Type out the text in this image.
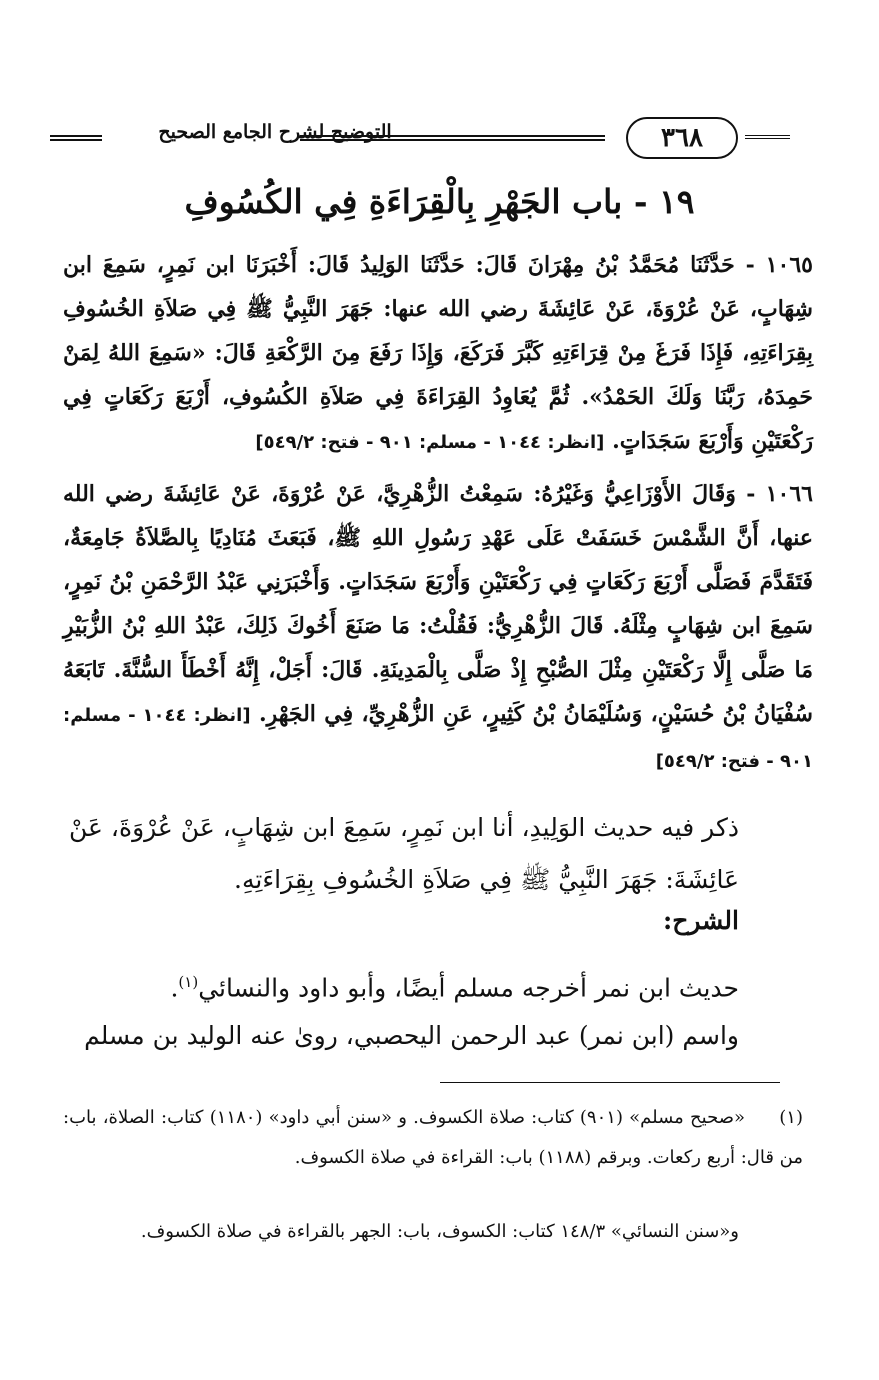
٣٦٨
التوضيح لشرح الجامع الصحيح
١٩ - باب الجَهْرِ بِالْقِرَاءَةِ فِي الكُسُوفِ
١٠٦٥ - حَدَّثَنَا مُحَمَّدُ بْنُ مِهْرَانَ قَالَ: حَدَّثَنَا الوَلِيدُ قَالَ: أَخْبَرَنَا ابن نَمِرٍ، سَمِعَ ابن شِهَابٍ، عَنْ عُرْوَةَ، عَنْ عَائِشَةَ رضي الله عنها: جَهَرَ النَّبِيُّ ﷺ فِي صَلاَةِ الخُسُوفِ بِقِرَاءَتِهِ، فَإِذَا فَرَغَ مِنْ قِرَاءَتِهِ كَبَّرَ فَرَكَعَ، وَإِذَا رَفَعَ مِنَ الرَّكْعَةِ قَالَ: «سَمِعَ اللهُ لِمَنْ حَمِدَهُ، رَبَّنَا وَلَكَ الحَمْدُ». ثُمَّ يُعَاوِدُ القِرَاءَةَ فِي صَلاَةِ الكُسُوفِ، أَرْبَعَ رَكَعَاتٍ فِي رَكْعَتَيْنِ وَأَرْبَعَ سَجَدَاتٍ. [انظر: ١٠٤٤ - مسلم: ٩٠١ - فتح: ٥٤٩/٢]
١٠٦٦ - وَقَالَ الأَوْزَاعِيُّ وَغَيْرُهُ: سَمِعْتُ الزُّهْرِيَّ، عَنْ عُرْوَةَ، عَنْ عَائِشَةَ رضي الله عنها، أَنَّ الشَّمْسَ خَسَفَتْ عَلَى عَهْدِ رَسُولِ اللهِ ﷺ، فَبَعَثَ مُنَادِيًا بِالصَّلاَةُ جَامِعَةٌ، فَتَقَدَّمَ فَصَلَّى أَرْبَعَ رَكَعَاتٍ فِي رَكْعَتَيْنِ وَأَرْبَعَ سَجَدَاتٍ. وَأَخْبَرَنِي عَبْدُ الرَّحْمَنِ بْنُ نَمِرٍ، سَمِعَ ابن شِهَابٍ مِثْلَهُ. قَالَ الزُّهْرِيُّ: فَقُلْتُ: مَا صَنَعَ أَخُوكَ ذَلِكَ، عَبْدُ اللهِ بْنُ الزُّبَيْرِ مَا صَلَّى إِلَّا رَكْعَتَيْنِ مِثْلَ الصُّبْحِ إِذْ صَلَّى بِالْمَدِينَةِ. قَالَ: أَجَلْ، إِنَّهُ أَخْطَأَ السُّنَّةَ. تَابَعَهُ سُفْيَانُ بْنُ حُسَيْنٍ، وَسُلَيْمَانُ بْنُ كَثِيرٍ، عَنِ الزُّهْرِيِّ، فِي الجَهْرِ. [انظر: ١٠٤٤ - مسلم: ٩٠١ - فتح: ٥٤٩/٢]
ذكر فيه حديث الوَلِيدِ، أنا ابن نَمِرٍ، سَمِعَ ابن شِهَابٍ، عَنْ عُرْوَةَ، عَنْ عَائِشَةَ: جَهَرَ النَّبِيُّ ﷺ فِي صَلاَةِ الخُسُوفِ بِقِرَاءَتِهِ.
الشرح:
حديث ابن نمر أخرجه مسلم أيضًا، وأبو داود والنسائي$^{(١)}$.
واسم (ابن نمر) عبد الرحمن اليحصبي، روىٰ عنه الوليد بن مسلم
(١)«صحيح مسلم» (٩٠١) كتاب: صلاة الكسوف. و «سنن أبي داود» (١١٨٠) كتاب: الصلاة، باب: من قال: أربع ركعات. وبرقم (١١٨٨) باب: القراءة في صلاة الكسوف.
و«سنن النسائي» ١٤٨/٣ كتاب: الكسوف، باب: الجهر بالقراءة في صلاة الكسوف.
